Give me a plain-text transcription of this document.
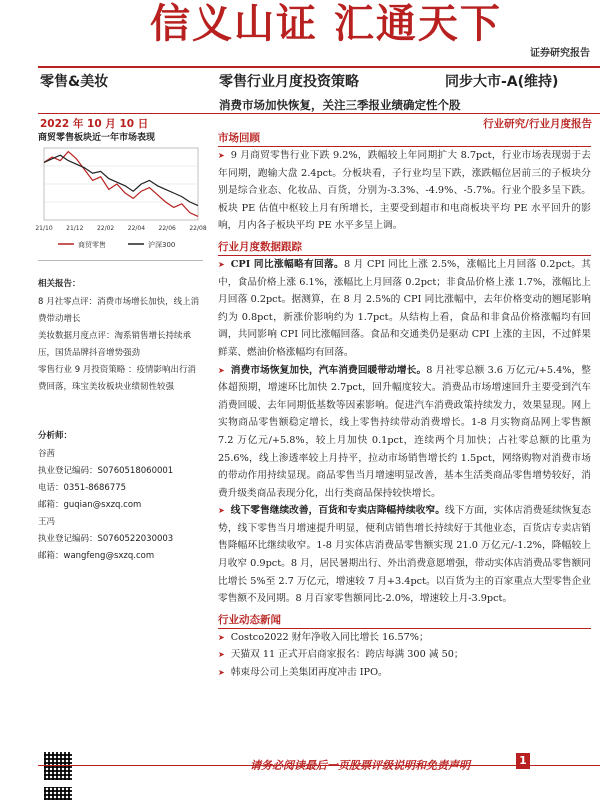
信义山证 汇通天下
证券研究报告
零售&美妆	零售行业月度投资策略	同步大市-A(维持)
消费市场加快恢复，关注三季报业绩确定性个股
2022 年 10 月 10 日	行业研究/行业月度报告
商贸零售板块近一年市场表现
21/10 21/12 22/02 22/04 22/06 22/08
商贸零售	沪深300
相关报告：
8 月社零点评：消费市场增长加快，线上消费带动增长
美妆数据月度点评：淘系销售增长持续承压，国货品牌抖音增势强劲
零售行业 9 月投资策略 ：疫情影响出行消费回落，珠宝美妆板块业绩韧性较强
分析师：
谷茜
执业登记编码：S0760518060001
电话：0351-8686775
邮箱：guqian@sxzq.com
王冯
执业登记编码：S0760522030003
邮箱：wangfeng@sxzq.com
市场回顾

➤ 9 月商贸零售行业下跌 9.2%，跌幅较上年同期扩大 8.7pct，行业市场表现弱于去年同期，跑输大盘 2.4pct。分板块看，子行业均呈下跌，涨跌幅位居前三的子板块分别是综合业态、化妆品、百货，分别为-3.3%、-4.9%、-5.7%。行业个股多呈下跌。板块 PE 估值中枢较上月有所增长，主要受到超市和电商板块平均 PE 水平回升的影响，月内各子板块平均 PE 水平多呈上调。

行业月度数据跟踪

➤ CPI 同比涨幅略有回落。8 月 CPI 同比上涨 2.5%，涨幅比上月回落 0.2pct。其中，食品价格上涨 6.1%，涨幅比上月回落 0.2pct；非食品价格上涨 1.7%，涨幅比上月回落 0.2pct。据测算，在 8 月 2.5%的 CPI 同比涨幅中，去年价格变动的翘尾影响约为 0.8pct，新涨价影响约为 1.7pct。从结构上看，食品和非食品价格涨幅均有回调，共同影响 CPI 同比涨幅回落。食品和交通类仍是驱动 CPI 上涨的主因，不过鲜果鲜菜、燃油价格涨幅均有回落。

➤ 消费市场恢复加快，汽车消费回暖带动增长。8 月社零总额 3.6 万亿元/+5.4%，整体超预期，增速环比加快 2.7pct，回升幅度较大。消费品市场增速回升主要受到汽车消费回暖、去年同期低基数等因素影响。促进汽车消费政策持续发力，效果显现。网上实物商品零售额稳定增长，线上零售持续带动消费增长。1-8 月实物商品网上零售额 7.2 万亿元/+5.8%，较上月加快 0.1pct，连续两个月加快；占社零总额的比重为 25.6%，线上渗透率较上月持平，拉动市场销售增长约 1.5pct，网络购物对消费市场的带动作用持续显现。商品零售当月增速明显改善，基本生活类商品零售增势较好，消费升级类商品表现分化，出行类商品保持较快增长。

➤ 线下零售继续改善，百货和专卖店降幅持续收窄。线下方面，实体店消费延续恢复态势，线下零售当月增速提升明显，便利店销售增长持续好于其他业态，百货店专卖店销售降幅环比继续收窄。1-8 月实体店消费品零售额实现 21.0 万亿元/-1.2%，降幅较上月收窄 0.9pct。8 月，居民暑期出行、外出消费意愿增强，带动实体店消费品零售额同比增长 5%至 2.7 万亿元，增速较 7 月+3.4pct。以百货为主的百家重点大型零售企业零售额不及同期。8 月百家零售额同比-2.0%，增速较上月-3.9pct。

行业动态新闻
➤ Costco2022 财年净收入同比增长 16.57%；
➤ 天猫双 11 正式开启商家报名：跨店每满 300 减 50；
➤ 韩束母公司上美集团再度冲击 IPO。
请务必阅读最后一页股票评级说明和免责声明	1
